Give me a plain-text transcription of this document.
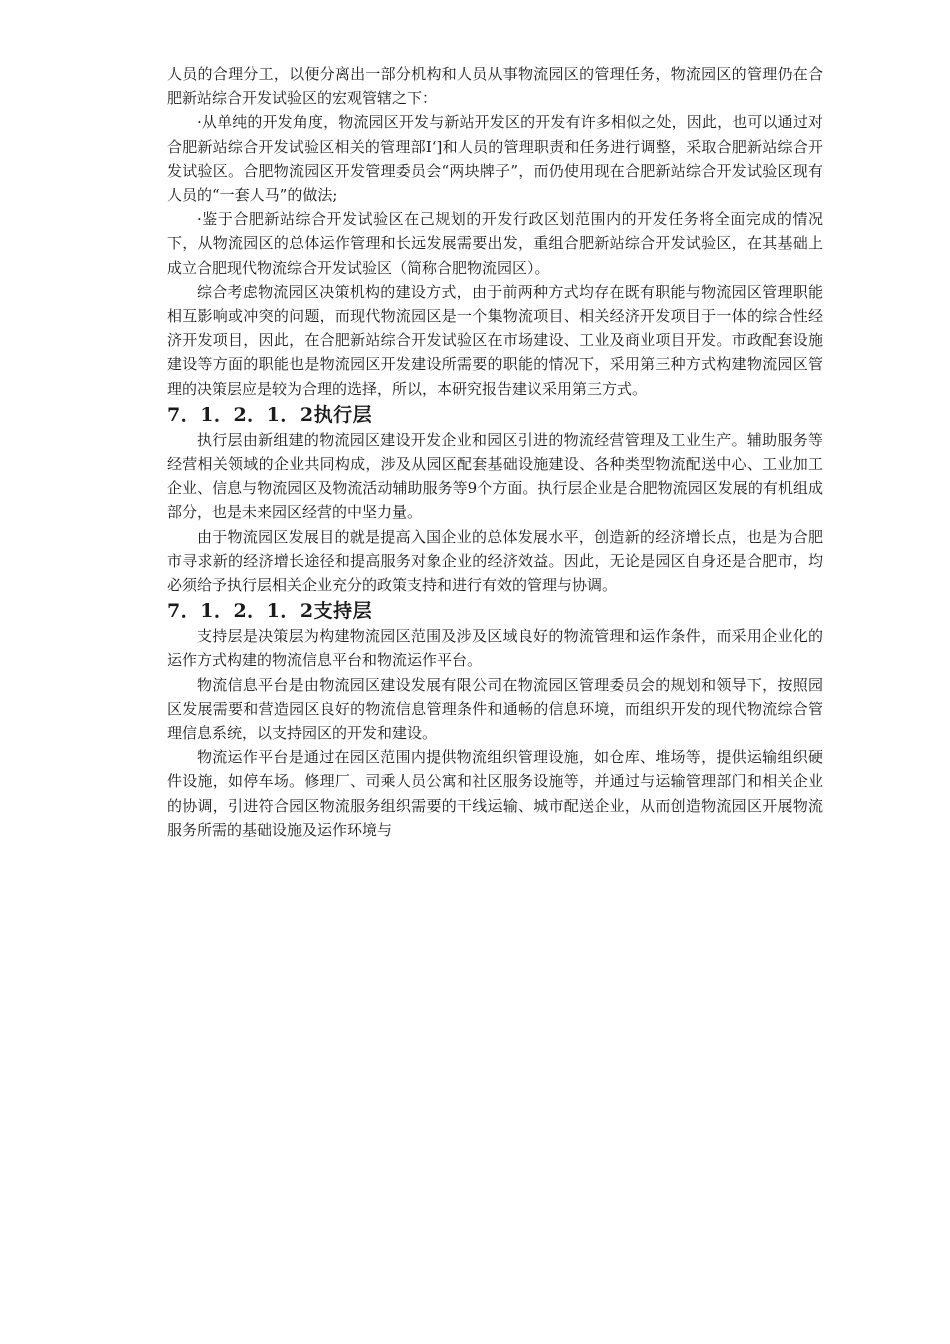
人员的合理分工，以便分离出一部分机构和人员从事物流园区的管理任务，物流园区的管理仍在合肥新站综合开发试验区的宏观管辖之下：

·从单纯的开发角度，物流园区开发与新站开发区的开发有许多相似之处，因此，也可以通过对合肥新站综合开发试验区相关的管理部I‘]和人员的管理职责和任务进行调整，采取合肥新站综合开发试验区。合肥物流园区开发管理委员会“两块牌子”，而仍使用现在合肥新站综合开发试验区现有人员的“一套人马”的做法;

·鉴于合肥新站综合开发试验区在己规划的开发行政区划范围内的开发任务将全面完成的情况下，从物流园区的总体运作管理和长远发展需要出发，重组合肥新站综合开发试验区，在其基础上成立合肥现代物流综合开发试验区（简称合肥物流园区）。

综合考虑物流园区决策机构的建设方式，由于前两种方式均存在既有职能与物流园区管理职能相互影响或冲突的问题，而现代物流园区是一个集物流项目、相关经济开发项目于一体的综合性经济开发项目，因此，在合肥新站综合开发试验区在市场建设、工业及商业项目开发。市政配套设施建设等方面的职能也是物流园区开发建设所需要的职能的情况下，采用第三种方式构建物流园区管理的决策层应是较为合理的选择，所以，本研究报告建议采用第三方式。

7．1．2．1．2执行层

执行层由新组建的物流园区建设开发企业和园区引进的物流经营管理及工业生产。辅助服务等经营相关领域的企业共同构成，涉及从园区配套基础设施建设、各种类型物流配送中心、工业加工企业、信息与物流园区及物流活动辅助服务等9个方面。执行层企业是合肥物流园区发展的有机组成部分，也是未来园区经营的中坚力量。

由于物流园区发展目的就是提高入国企业的总体发展水平，创造新的经济增长点，也是为合肥市寻求新的经济增长途径和提高服务对象企业的经济效益。因此，无论是园区自身还是合肥市，均必须给予执行层相关企业充分的政策支持和进行有效的管理与协调。

7．1．2．1．2支持层

支持层是决策层为构建物流园区范围及涉及区域良好的物流管理和运作条件，而采用企业化的运作方式构建的物流信息平台和物流运作平台。

物流信息平台是由物流园区建设发展有限公司在物流园区管理委员会的规划和领导下，按照园区发展需要和营造园区良好的物流信息管理条件和通畅的信息环境，而组织开发的现代物流综合管理信息系统，以支持园区的开发和建设。

物流运作平台是通过在园区范围内提供物流组织管理设施，如仓库、堆场等，提供运输组织硬件设施，如停车场。修理厂、司乘人员公寓和社区服务设施等，并通过与运输管理部门和相关企业的协调，引进符合园区物流服务组织需要的干线运输、城市配送企业，从而创造物流园区开展物流服务所需的基础设施及运作环境与
